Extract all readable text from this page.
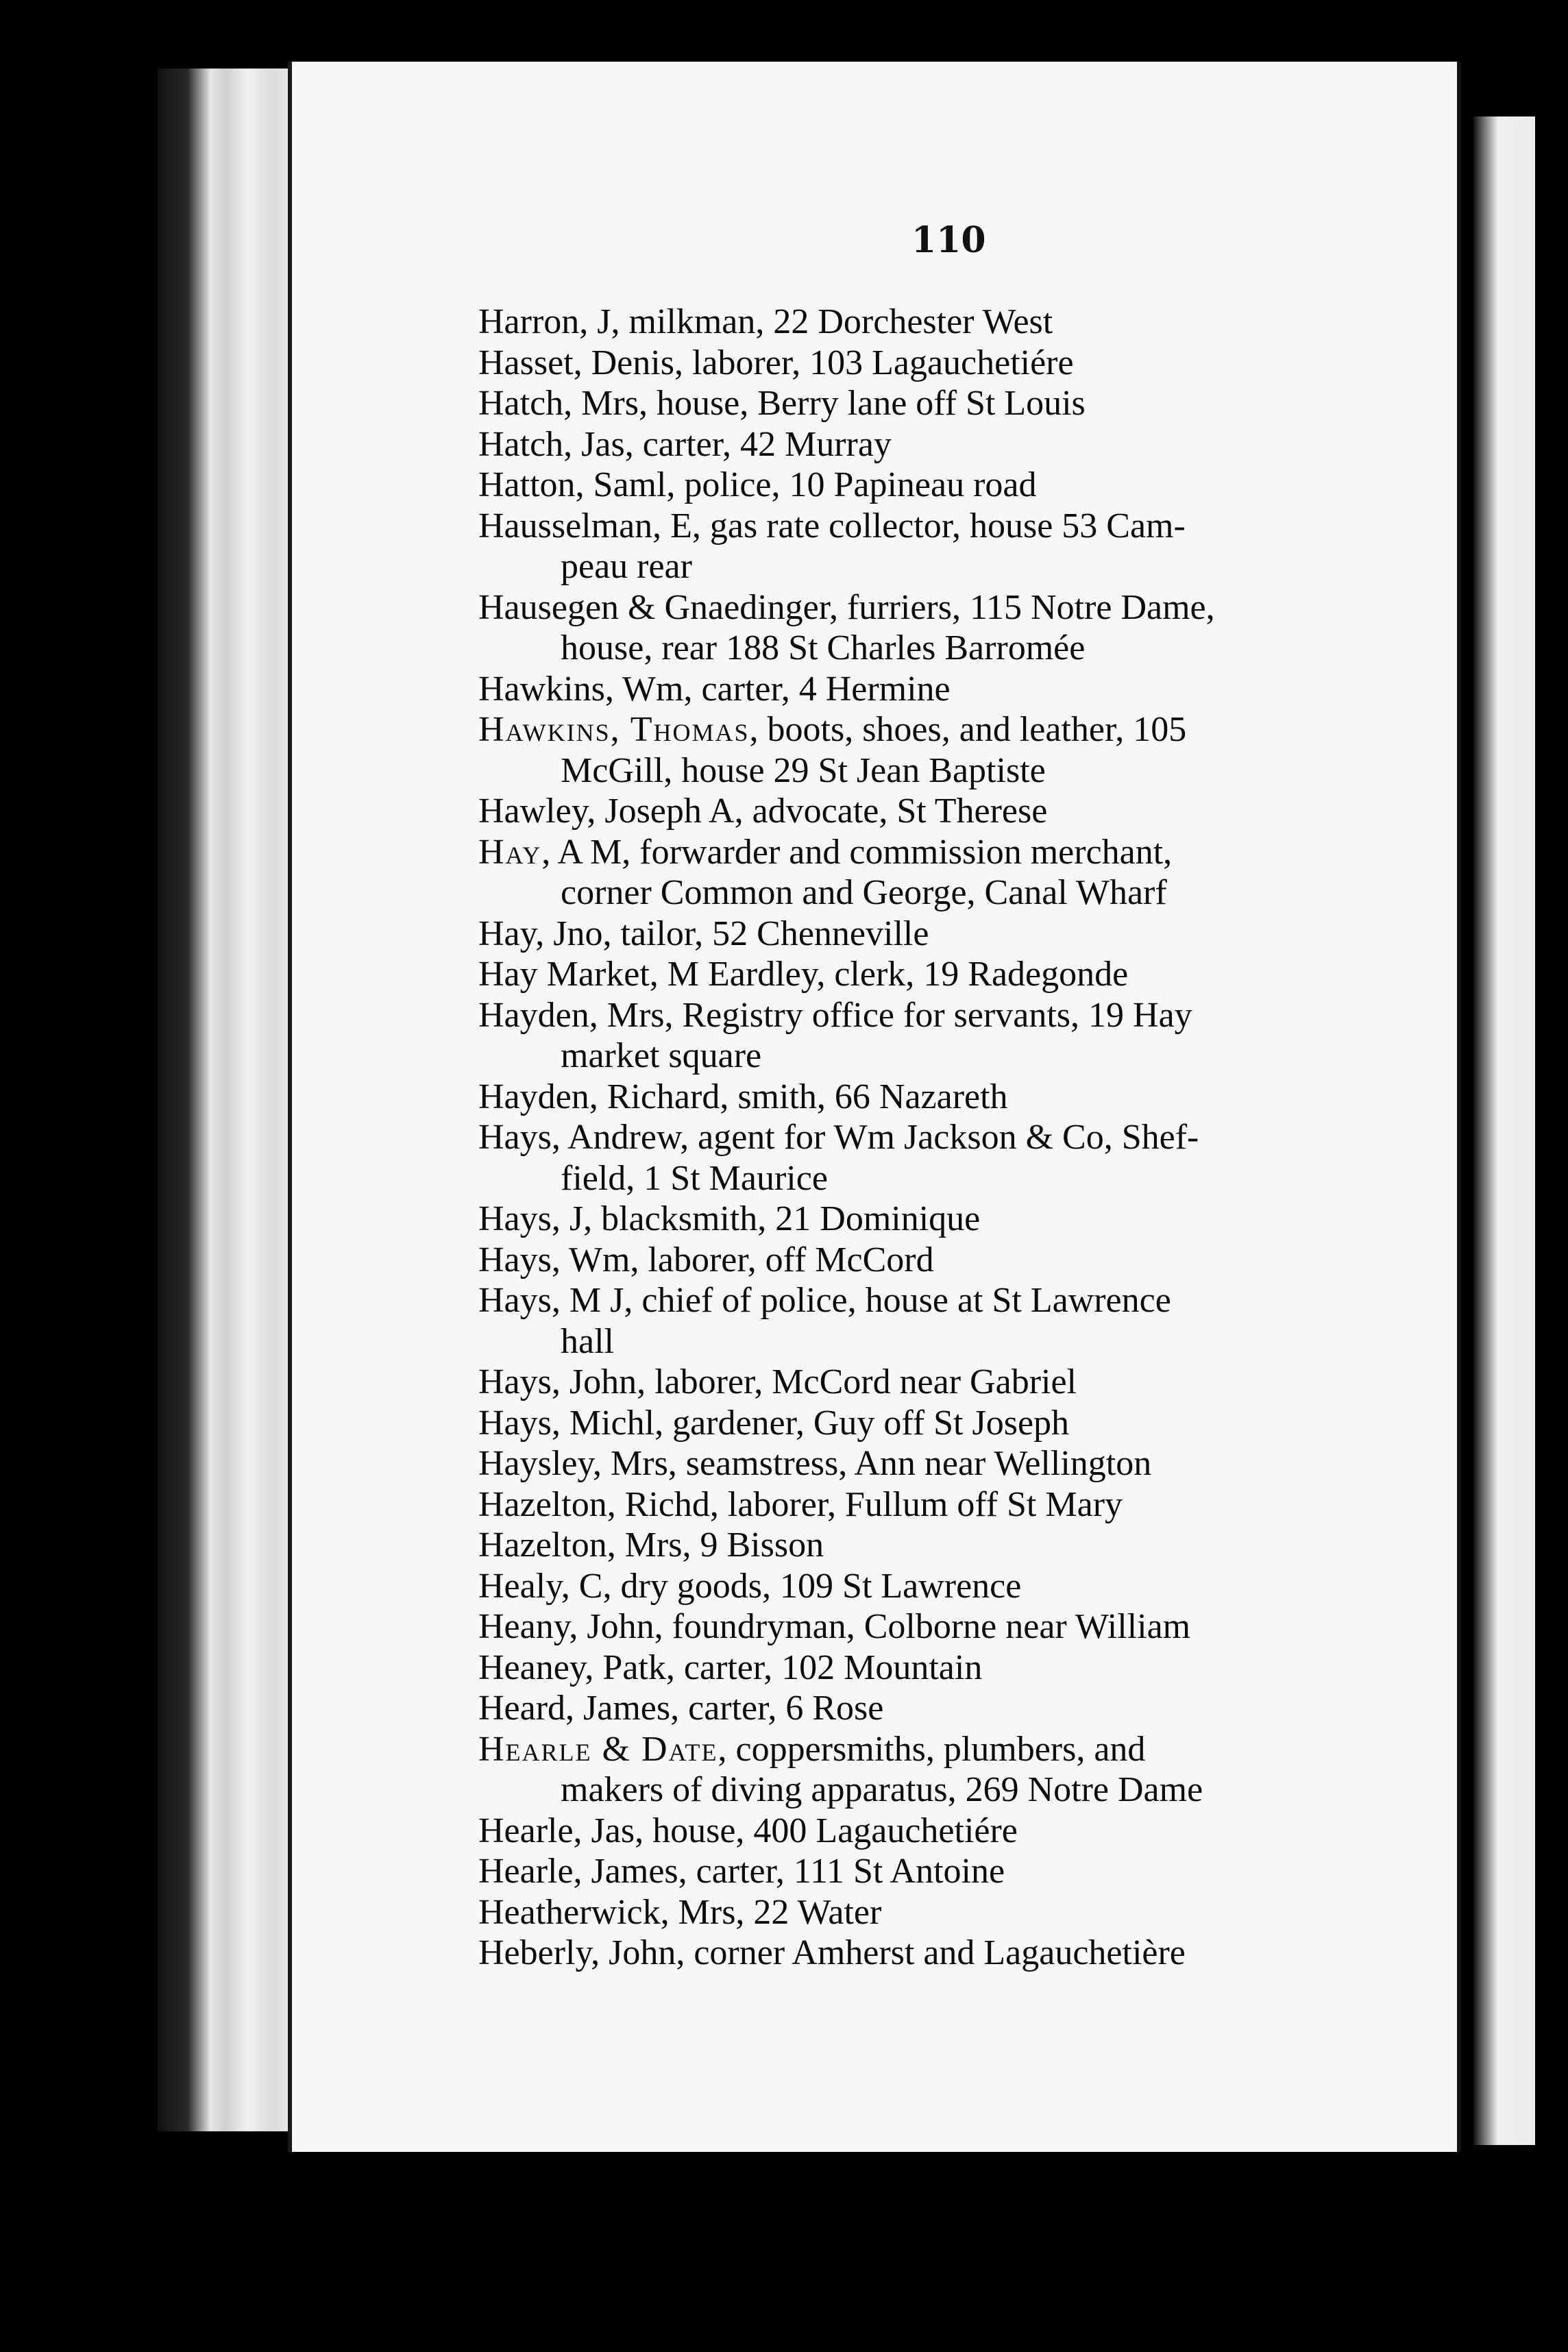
110
Harron, J, milkman, 22 Dorchester West
Hasset, Denis, laborer, 103 Lagauchetiére
Hatch, Mrs, house, Berry lane off St Louis
Hatch, Jas, carter, 42 Murray
Hatton, Saml, police, 10 Papineau road
Hausselman, E, gas rate collector, house 53 Cam-
peau rear
Hausegen & Gnaedinger, furriers, 115 Notre Dame,
house, rear 188 St Charles Barromée
Hawkins, Wm, carter, 4 Hermine
Hawkins, Thomas, boots, shoes, and leather, 105
McGill, house 29 St Jean Baptiste
Hawley, Joseph A, advocate, St Therese
Hay, A M, forwarder and commission merchant,
corner Common and George, Canal Wharf
Hay, Jno, tailor, 52 Chenneville
Hay Market, M Eardley, clerk, 19 Radegonde
Hayden, Mrs, Registry office for servants, 19 Hay
market square
Hayden, Richard, smith, 66 Nazareth
Hays, Andrew, agent for Wm Jackson & Co, Shef-
field, 1 St Maurice
Hays, J, blacksmith, 21 Dominique
Hays, Wm, laborer, off McCord
Hays, M J, chief of police, house at St Lawrence
hall
Hays, John, laborer, McCord near Gabriel
Hays, Michl, gardener, Guy off St Joseph
Haysley, Mrs, seamstress, Ann near Wellington
Hazelton, Richd, laborer, Fullum off St Mary
Hazelton, Mrs, 9 Bisson
Healy, C, dry goods, 109 St Lawrence
Heany, John, foundryman, Colborne near William
Heaney, Patk, carter, 102 Mountain
Heard, James, carter, 6 Rose
Hearle & Date, coppersmiths, plumbers, and
makers of diving apparatus, 269 Notre Dame
Hearle, Jas, house, 400 Lagauchetiére
Hearle, James, carter, 111 St Antoine
Heatherwick, Mrs, 22 Water
Heberly, John, corner Amherst and Lagauchetière
